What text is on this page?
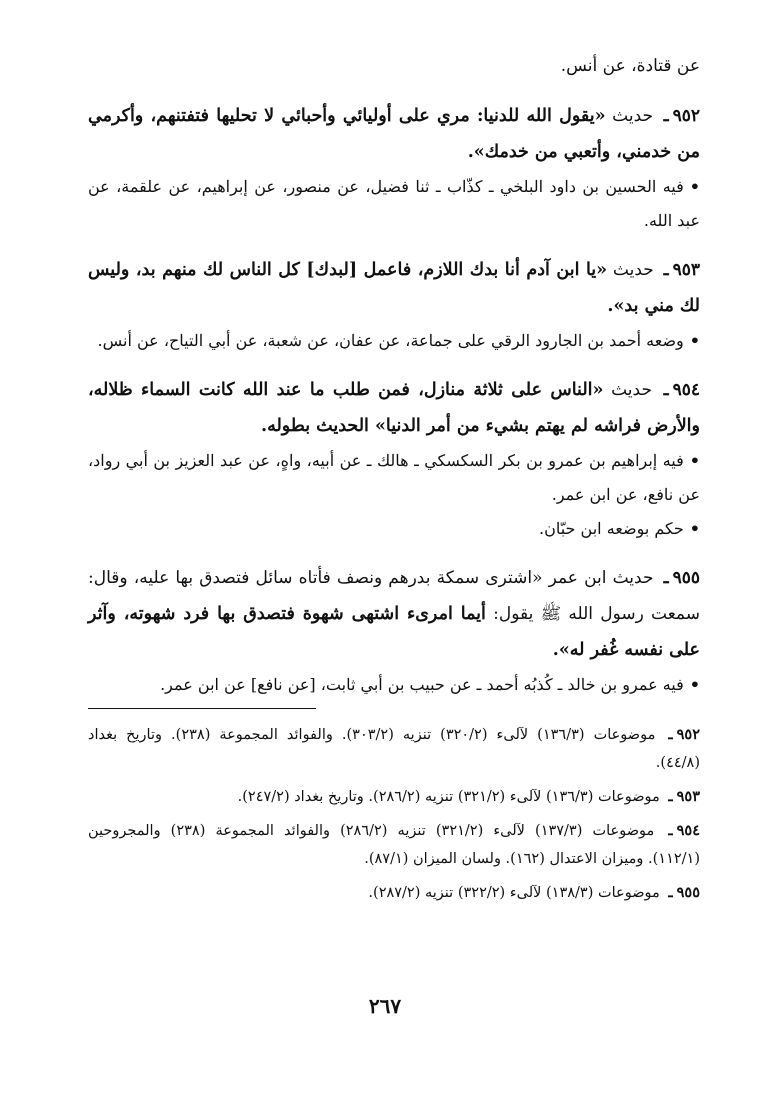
عن قتادة، عن أنس.

٩٥٢ـ حديث «يقول الله للدنيا: مري على أوليائي وأحبائي لا تحليها فتفتنهم، وأكرمي من خدمني، وأتعبي من خدمك».

•فيه الحسين بن داود البلخي ـ كذّاب ـ ثنا فضيل، عن منصور، عن إبراهيم، عن علقمة، عن عبد الله.

٩٥٣ـ حديث «يا ابن آدم أنا بدك اللازم، فاعمل [لبدك] كل الناس لك منهم بد، وليس لك مني بد».

•وضعه أحمد بن الجارود الرقي على جماعة، عن عفان، عن شعبة، عن أبي التياح، عن أنس.

٩٥٤ـ حديث «الناس على ثلاثة منازل، فمن طلب ما عند الله كانت السماء ظلاله، والأرض فراشه لم يهتم بشيء من أمر الدنيا» الحديث بطوله.

•فيه إبراهيم بن عمرو بن بكر السكسكي ـ هالك ـ عن أبيه، واهٍ، عن عبد العزيز بن أبي رواد، عن نافع، عن ابن عمر.

•حكم بوضعه ابن حبّان.

٩٥٥ـ حديث ابن عمر «اشترى سمكة بدرهم ونصف فأتاه سائل فتصدق بها عليه، وقال: سمعت رسول الله ﷺ يقول: أيما امرىء اشتهى شهوة فتصدق بها فرد شهوته، وآثر على نفسه غُفر له».

•فيه عمرو بن خالد ـ كُذبُه أحمد ـ عن حبيب بن أبي ثابت، [عن نافع] عن ابن عمر.

٩٥٢ـ موضوعات (١٣٦/٣) لآلىء (٣٢٠/٢) تنزيه (٣٠٣/٢). والفوائد المجموعة (٢٣٨). وتاريخ بغداد (٤٤/٨).

٩٥٣ـ موضوعات (١٣٦/٣) لآلىء (٣٢١/٢) تنزيه (٢٨٦/٢). وتاريخ بغداد (٢٤٧/٢).

٩٥٤ـ موضوعات (١٣٧/٣) لآلىء (٣٢١/٢) تنزيه (٢٨٦/٢) والفوائد المجموعة (٢٣٨) والمجروحين (١١٢/١). وميزان الاعتدال (١٦٢). ولسان الميزان (٨٧/١).

٩٥٥ـ موضوعات (١٣٨/٣) لآلىء (٣٢٢/٢) تنزيه (٢٨٧/٢).

٢٦٧
